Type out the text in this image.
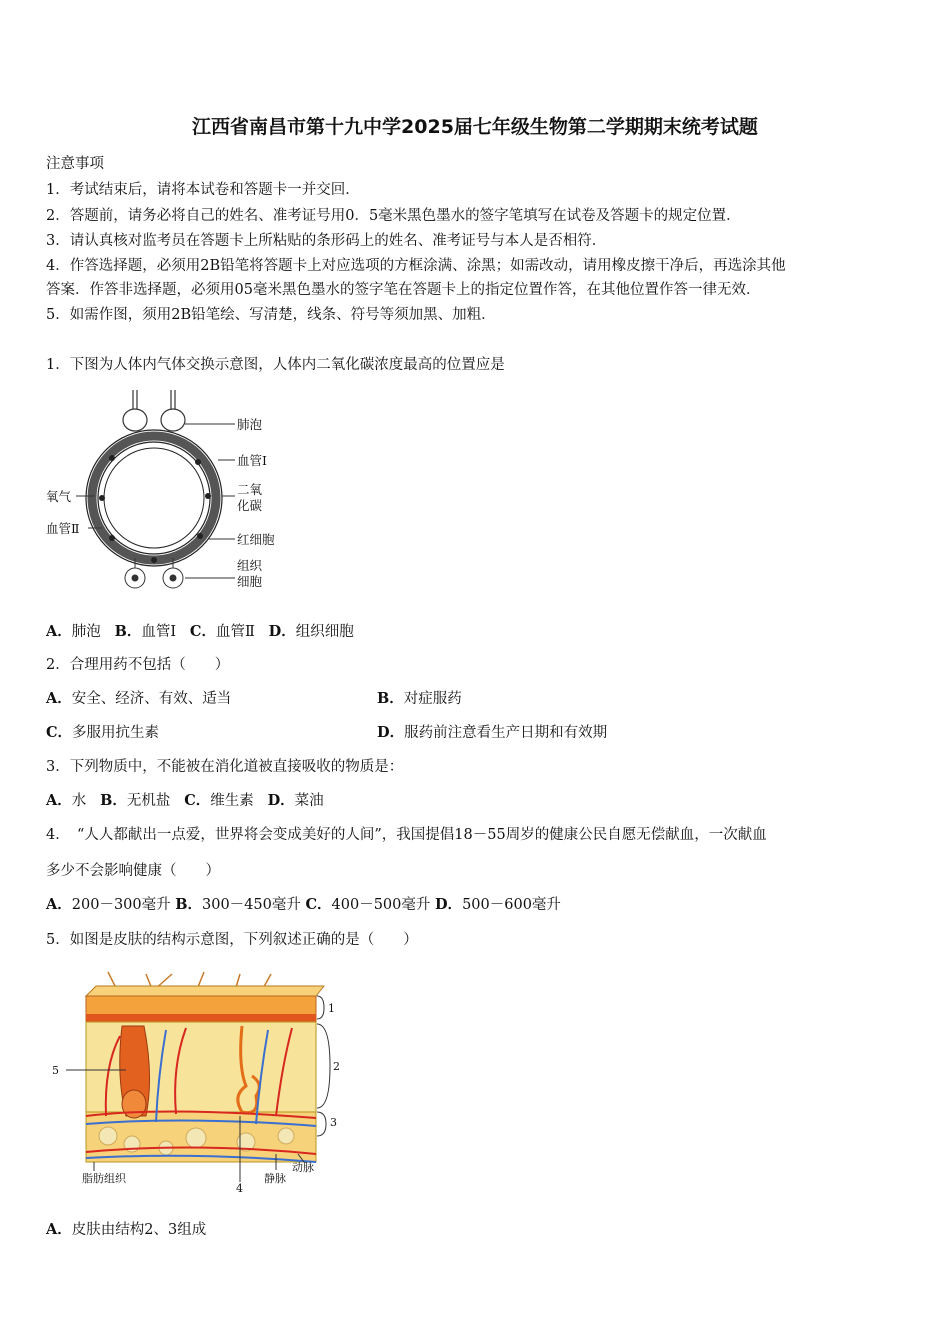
江西省南昌市第十九中学2025届七年级生物第二学期期末统考试题
注意事项
1．考试结束后，请将本试卷和答题卡一并交回．
2．答题前，请务必将自己的姓名、准考证号用0．5毫米黑色墨水的签字笔填写在试卷及答题卡的规定位置．
3．请认真核对监考员在答题卡上所粘贴的条形码上的姓名、准考证号与本人是否相符．
4．作答选择题，必须用2B铅笔将答题卡上对应选项的方框涂满、涂黑；如需改动，请用橡皮擦干净后，再选涂其他
答案．作答非选择题，必须用05毫米黑色墨水的签字笔在答题卡上的指定位置作答，在其他位置作答一律无效．
5．如需作图，须用2B铅笔绘、写清楚，线条、符号等须加黑、加粗．
1．下图为人体内气体交换示意图，人体内二氧化碳浓度最高的位置应是
肺泡
血管Ⅰ
二氧
化碳
氧气
血管Ⅱ
红细胞
组织
细胞
A．肺泡 B．血管Ⅰ C．血管Ⅱ D．组织细胞
2．合理用药不包括（　　）
A．安全、经济、有效、适当	B．对症服药
C．多服用抗生素	D．服药前注意看生产日期和有效期
3．下列物质中，不能被在消化道被直接吸收的物质是：
A．水 B．无机盐 C．维生素 D．菜油
4．　“人人都献出一点爱，世界将会变成美好的人间”，我国提倡18－55周岁的健康公民自愿无偿献血，一次献血
多少不会影响健康（　　）
A．200－300毫升 B．300－450毫升 C．400－500毫升 D．500－600毫升
5．如图是皮肤的结构示意图，下列叙述正确的是（　　）
1
2
3
4
5
脂肪组织	静脉
动脉
A．皮肤由结构2、3组成
